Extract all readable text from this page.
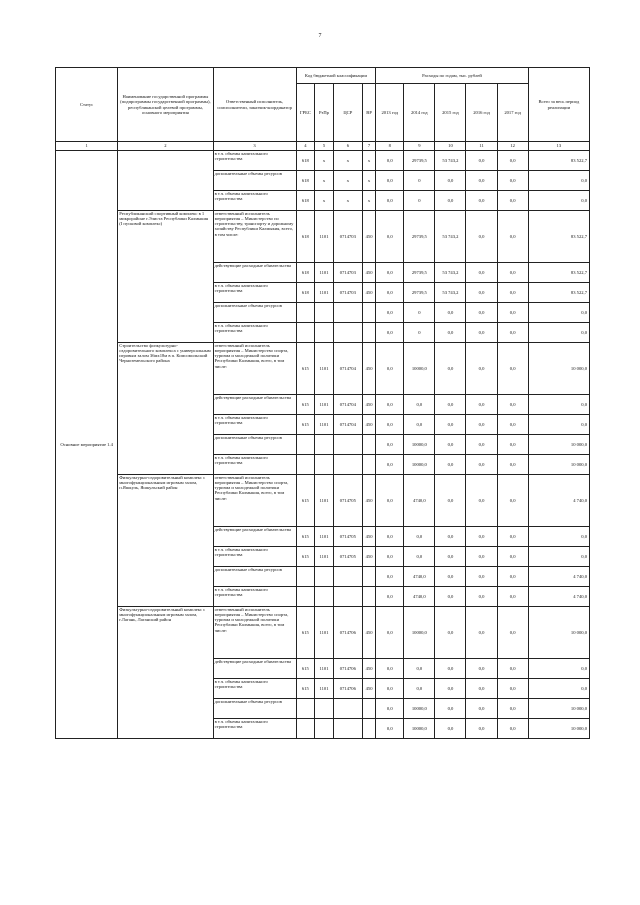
7
Статус	Наименование государственной программы (подпрограммы государственной программы), республиканской целевой программы, основного мероприятия	Ответственный исполнитель, соисполнители, заказчик-координатор	Код бюджетной классификации				Расходы по годам, тыс. рублей					Всего за весь период реализации
			ГРБС	РзПр	ЦСР	ВР	2013 год	2014 год	2015 год	2016 год	2017 год	
1	2	3	4	5	6	7	8	9	10	11	12	13
Основное мероприятие 1.4		в т.ч. объемы капитального строительства	618	х	х	х	0,0	29739,5	53 743,2	0,0	0,0	83 522,7
		дополнительные объемы ресурсов	618	х	х	х	0,0	0	0,0	0,0	0,0	0,0
		в т.ч. объемы капитального строительства	618	х	х	х	0,0	0	0,0	0,0	0,0	0,0
	Республиканский спортивный комплекс в 1 микрорайоне г.Элиста Республики Калмыкия (I пусковой комплекс)	ответственный исполнитель мероприятия – Министерство по строительству, транспорту и дорожному хозяйству Республики Калмыкия, всего, в том числе:	618	1101	0714703	450	0,0	29739,5	53 743,2	0,0	0,0	83 522,7
		действующие расходные обязательства	618	1101	0714703	450	0,0	29739,5	53 743,2	0,0	0,0	83 522,7
		в т.ч. объемы капитального строительства	618	1101	0714703	450	0,0	29739,5	53 743,2	0,0	0,0	83 522,7
		дополнительные объемы ресурсов					0,0	0	0,0	0,0	0,0	0,0
		в т.ч. объемы капитального строительства					0,0	0	0,0	0,0	0,0	0,0
	Строительство физкультурно-оздоровительного комплекса с универсальным игровым залом 36мх18м в п. Комсомольский Черноземельского района	ответственный исполнитель мероприятия – Министерство спорта, туризма и молодежной политики Республики Калмыкия, всего, в том числе:	615	1101	0714704	450	0,0	10000,0	0,0	0,0	0,0	10 000,0
		действующие расходные обязательства	615	1101	0714704	450	0,0	0,0	0,0	0,0	0,0	0,0
		в т.ч. объемы капитального строительства	615	1101	0714704	450	0,0	0,0	0,0	0,0	0,0	0,0
		дополнительные объемы ресурсов					0,0	10000,0	0,0	0,0	0,0	10 000,0
		в т.ч. объемы капитального строительства					0,0	10000,0	0,0	0,0	0,0	10 000,0
	Физкультурно-оздоровительный комплекс с многофункциональным игровым залом, п.Яшкуль, Яшкульский район	ответственный исполнитель мероприятия – Министерство спорта, туризма и молодежной политики Республики Калмыкия, всего, в том числе:	615	1101	0714705	450	0,0	4740,0	0,0	0,0	0,0	4 740,0
		действующие расходные обязательства	615	1101	0714705	450	0,0	0,0	0,0	0,0	0,0	0,0
		в т.ч. объемы капитального строительства	615	1101	0714705	450	0,0	0,0	0,0	0,0	0,0	0,0
		дополнительные объемы ресурсов					0,0	4740,0	0,0	0,0	0,0	4 740,0
		в т.ч. объемы капитального строительства					0,0	4740,0	0,0	0,0	0,0	4 740,0
	Физкультурно-оздоровительный комплекс с многофункциональным игровым залом, г.Лагань, Лаганский район	ответственный исполнитель мероприятия – Министерство спорта, туризма и молодежной политики Республики Калмыкия, всего, в том числе:	615	1101	0714706	450	0,0	10000,0	0,0	0,0	0,0	10 000,0
		действующие расходные обязательства	615	1101	0714706	450	0,0	0,0	0,0	0,0	0,0	0,0
		в т.ч. объемы капитального строительства	615	1101	0714706	450	0,0	0,0	0,0	0,0	0,0	0,0
		дополнительные объемы ресурсов					0,0	10000,0	0,0	0,0	0,0	10 000,0
		в т.ч. объемы капитального строительства					0,0	10000,0	0,0	0,0	0,0	10 000,0
